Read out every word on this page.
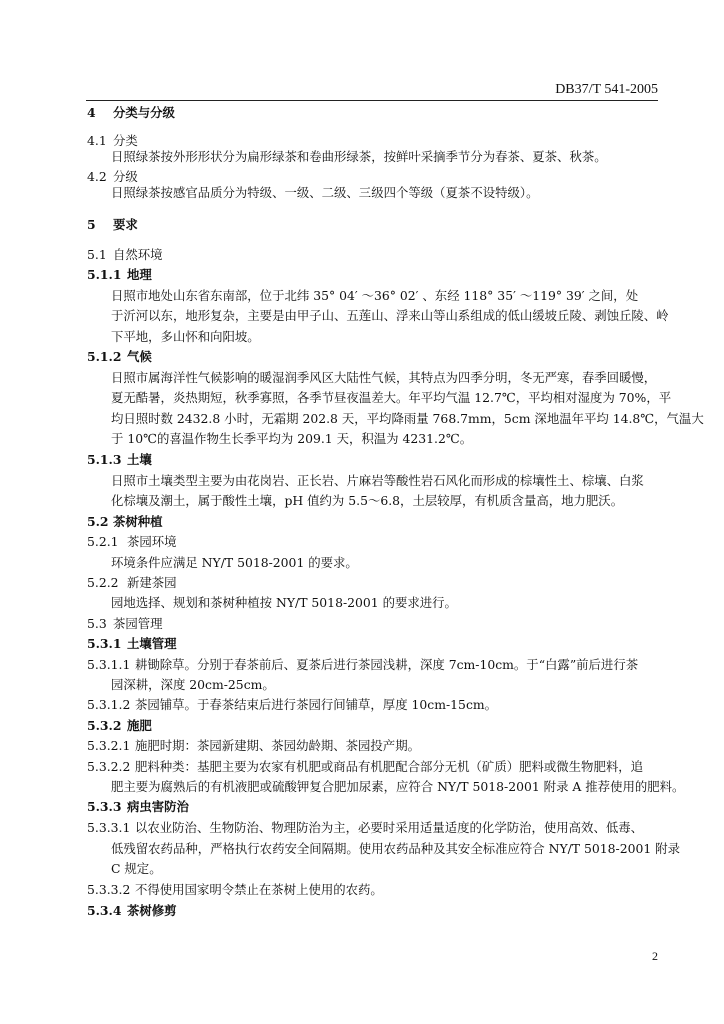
DB37/T 541-2005
4 分类与分级
4.1 分类
日照绿茶按外形形状分为扁形绿茶和卷曲形绿茶，按鲜叶采摘季节分为春茶、夏茶、秋茶。
4.2 分级
日照绿茶按感官品质分为特级、一级、二级、三级四个等级（夏茶不设特级）。
5 要求
5.1 自然环境
5.1.1 地理
日照市地处山东省东南部，位于北纬 35° 04′ ～36° 02′ 、东经 118° 35′ ～119° 39′ 之间，处
于沂河以东，地形复杂，主要是由甲子山、五莲山、浮来山等山系组成的低山缓坡丘陵、剥蚀丘陵、岭
下平地，多山怀和向阳坡。
5.1.2 气候
日照市属海洋性气候影响的暖湿润季风区大陆性气候，其特点为四季分明，冬无严寒，春季回暖慢，
夏无酷暑，炎热期短，秋季寡照，各季节昼夜温差大。年平均气温 12.7℃，平均相对湿度为 70%，平
均日照时数 2432.8 小时，无霜期 202.8 天，平均降雨量 768.7mm，5cm 深地温年平均 14.8℃，气温大
于 10℃的喜温作物生长季平均为 209.1 天，积温为 4231.2℃。
5.1.3 土壤
日照市土壤类型主要为由花岗岩、正长岩、片麻岩等酸性岩石风化而形成的棕壤性土、棕壤、白浆
化棕壤及潮土，属于酸性土壤，pH 值约为 5.5～6.8，土层较厚，有机质含量高，地力肥沃。
5.2 茶树种植
5.2.1 茶园环境
环境条件应满足 NY/T 5018-2001 的要求。
5.2.2 新建茶园
园地选择、规划和茶树种植按 NY/T 5018-2001 的要求进行。
5.3 茶园管理
5.3.1 土壤管理
5.3.1.1 耕锄除草。分别于春茶前后、夏茶后进行茶园浅耕，深度 7cm-10cm。于“白露”前后进行茶
园深耕，深度 20cm-25cm。
5.3.1.2 茶园铺草。于春茶结束后进行茶园行间铺草，厚度 10cm-15cm。
5.3.2 施肥
5.3.2.1 施肥时期：茶园新建期、茶园幼龄期、茶园投产期。
5.3.2.2 肥料种类：基肥主要为农家有机肥或商品有机肥配合部分无机（矿质）肥料或微生物肥料，追
肥主要为腐熟后的有机液肥或硫酸钾复合肥加尿素，应符合 NY/T 5018-2001 附录 A 推荐使用的肥料。
5.3.3 病虫害防治
5.3.3.1 以农业防治、生物防治、物理防治为主，必要时采用适量适度的化学防治，使用高效、低毒、
低残留农药品种，严格执行农药安全间隔期。使用农药品种及其安全标准应符合 NY/T 5018-2001 附录
C 规定。
5.3.3.2 不得使用国家明令禁止在茶树上使用的农药。
5.3.4 茶树修剪
2
